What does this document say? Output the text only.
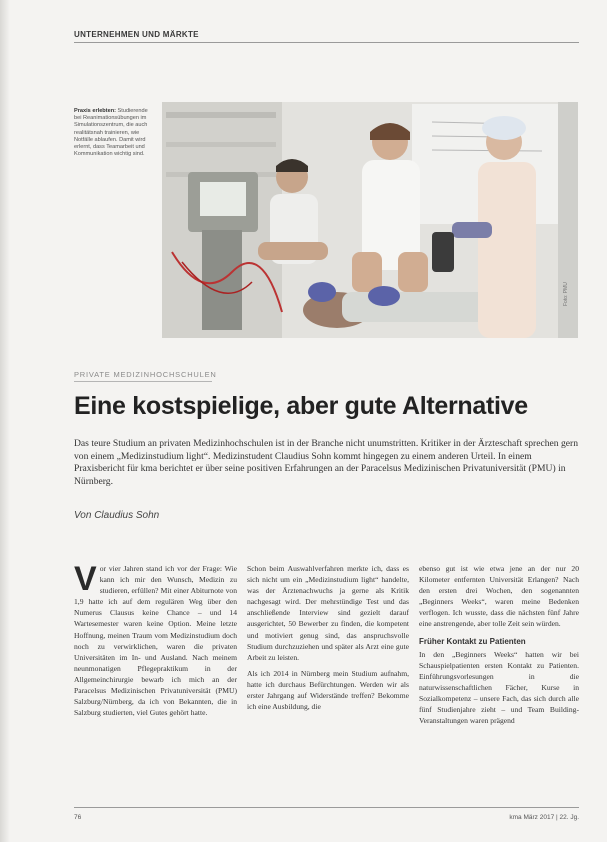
UNTERNEHMEN UND MÄRKTE
Praxis erlebten: Studierende bei Reanimationsübungen im Simulationszentrum, die auch realitätsnah trainieren, wie Notfälle ablaufen. Damit wird erlernt, dass Teamarbeit und Kommunikation wichtig sind.
Foto: PMU
PRIVATE MEDIZINHOCHSCHULEN
Eine kostspielige, aber gute Alternative
Das teure Studium an privaten Medizinhochschulen ist in der Branche nicht unumstritten. Kritiker in der Ärzteschaft sprechen gern von einem „Medizinstudium light“. Medizinstudent Claudius Sohn kommt hingegen zu einem anderen Urteil. In einem Praxisbericht für kma berichtet er über seine positiven Erfahrungen an der Paracelsus Medizinischen Privatuniversität (PMU) in Nürnberg.
Von Claudius Sohn

Vor vier Jahren stand ich vor der Frage: Wie kann ich mir den Wunsch, Medizin zu studieren, erfüllen? Mit einer Abiturnote von 1,9 hatte ich auf dem regulären Weg über den Numerus Clausus keine Chance – und 14 Wartesemester waren keine Option. Meine letzte Hoffnung, meinen Traum vom Medizinstudium doch noch zu verwirklichen, waren die privaten Universitäten im In- und Ausland. Nach meinem neunmonatigen Pflegepraktikum in der Allgemeinchirurgie bewarb ich mich an der Paracelsus Medizinischen Privatuniversität (PMU) Salzburg/Nürnberg, da ich von Bekannten, die in Salzburg studierten, viel Gutes gehört hatte.

Schon beim Auswahlverfahren merkte ich, dass es sich nicht um ein „Medizinstudium light“ handelte, was der Ärztenachwuchs ja gerne als Kritik nachgesagt wird. Der mehrstündige Test und das anschließende Interview sind gezielt darauf ausgerichtet, 50 Bewerber zu finden, die kompetent und motiviert genug sind, das anspruchsvolle Studium durchzuziehen und später als Arzt eine gute Arbeit zu leisten.

Als ich 2014 in Nürnberg mein Studium aufnahm, hatte ich durchaus Befürchtungen. Werden wir als erster Jahrgang auf Widerstände treffen? Bekomme ich eine Ausbildung, die

ebenso gut ist wie etwa jene an der nur 20 Kilometer entfernten Universität Erlangen? Nach den ersten drei Wochen, den sogenannten „Beginners Weeks“, waren meine Bedenken verflogen. Ich wusste, dass die nächsten fünf Jahre eine anstrengende, aber tolle Zeit sein würden.

Früher Kontakt zu Patienten

In den „Beginners Weeks“ hatten wir bei Schauspielpatienten ersten Kontakt zu Patienten. Einführungsvorlesungen in die naturwissenschaftlichen Fächer, Kurse in Sozialkompetenz – unsere Fach, das sich durch alle fünf Studienjahre zieht – und Team Building-Veranstaltungen waren prägend

76	kma März 2017 | 22. Jg.
